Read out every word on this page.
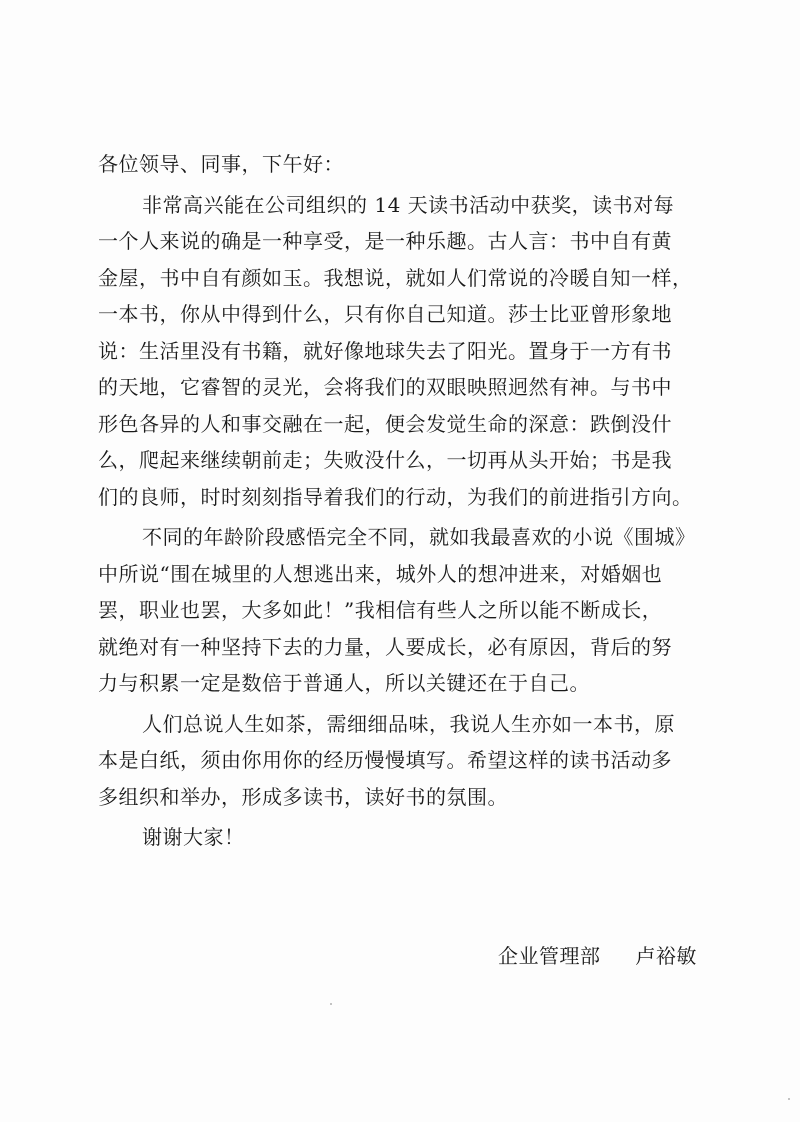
各位领导、同事，下午好：
非常高兴能在公司组织的 14 天读书活动中获奖，读书对每
一个人来说的确是一种享受，是一种乐趣。古人言：书中自有黄
金屋，书中自有颜如玉。我想说，就如人们常说的冷暖自知一样，
一本书，你从中得到什么，只有你自己知道。莎士比亚曾形象地
说：生活里没有书籍，就好像地球失去了阳光。置身于一方有书
的天地，它睿智的灵光，会将我们的双眼映照迥然有神。与书中
形色各异的人和事交融在一起，便会发觉生命的深意：跌倒没什
么，爬起来继续朝前走；失败没什么，一切再从头开始；书是我
们的良师，时时刻刻指导着我们的行动，为我们的前进指引方向。
不同的年龄阶段感悟完全不同，就如我最喜欢的小说《围城》
中所说“围在城里的人想逃出来，城外人的想冲进来，对婚姻也
罢，职业也罢，大多如此！”我相信有些人之所以能不断成长，
就绝对有一种坚持下去的力量，人要成长，必有原因，背后的努
力与积累一定是数倍于普通人，所以关键还在于自己。
人们总说人生如茶，需细细品味，我说人生亦如一本书，原
本是白纸，须由你用你的经历慢慢填写。希望这样的读书活动多
多组织和举办，形成多读书，读好书的氛围。
谢谢大家！
企业管理部 卢裕敏
